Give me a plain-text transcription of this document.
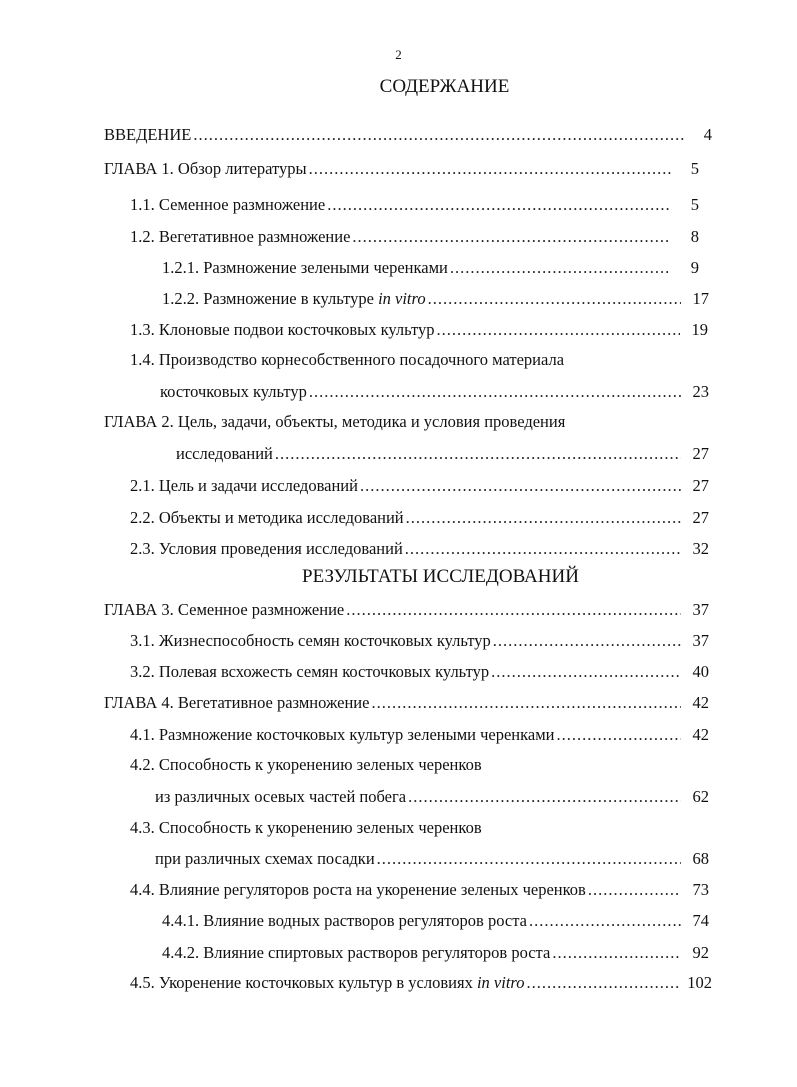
2
СОДЕРЖАНИЕ
ВВЕДЕНИЕ .....	4
ГЛАВА 1. Обзор литературы .....	5
1.1. Семенное размножение .....	5
1.2. Вегетативное размножение .....	8
1.2.1. Размножение зелеными черенками .....	9
1.2.2. Размножение в культуре in vitro .....	17
1.3. Клоновые подвои косточковых культур .....	19
1.4. Производство корнесобственного посадочного материала
косточковых культур .....	23
ГЛАВА 2. Цель, задачи, объекты, методика и условия проведения
исследований .....	27
2.1. Цель и задачи исследований .....	27
2.2. Объекты и методика исследований .....	27
2.3. Условия проведения исследований .....	32
РЕЗУЛЬТАТЫ ИССЛЕДОВАНИЙ
ГЛАВА 3. Семенное размножение .....	37
3.1. Жизнеспособность семян косточковых культур .....	37
3.2. Полевая всхожесть семян косточковых культур .....	40
ГЛАВА 4. Вегетативное размножение .....	42
4.1. Размножение косточковых культур зелеными черенками .....	42
4.2. Способность к укоренению зеленых черенков
из различных осевых частей побега .....	62
4.3. Способность к укоренению зеленых черенков
при различных схемах посадки .....	68
4.4. Влияние регуляторов роста на укоренение зеленых черенков .....	73
4.4.1. Влияние водных растворов регуляторов роста .....	74
4.4.2. Влияние спиртовых растворов регуляторов роста .....	92
4.5. Укоренение косточковых культур в условиях in vitro .....	102
